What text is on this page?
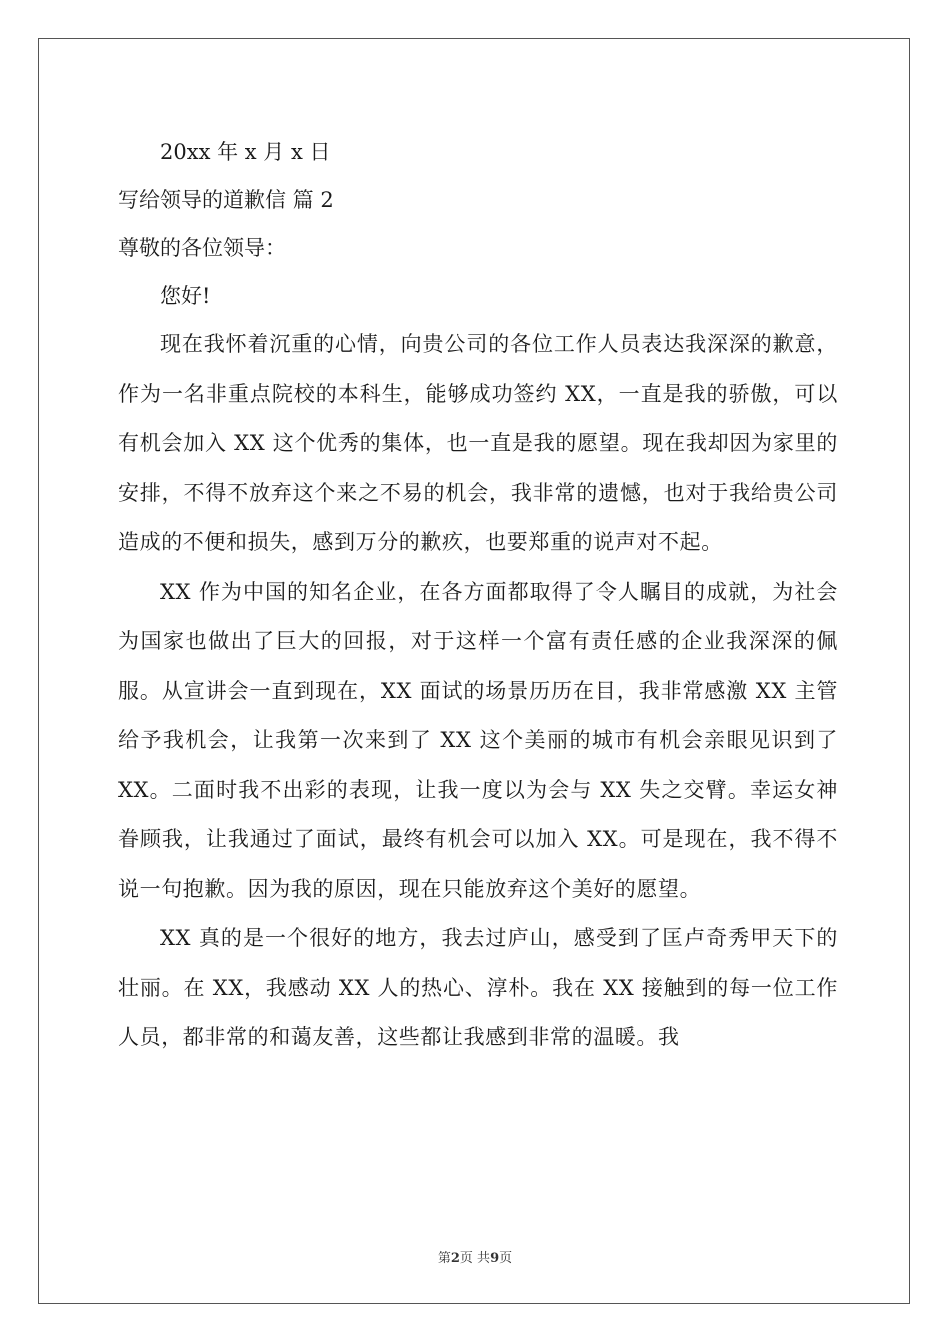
20xx 年 x 月 x 日

写给领导的道歉信 篇 2

尊敬的各位领导：

您好!

现在我怀着沉重的心情，向贵公司的各位工作人员表达我深深的歉意，作为一名非重点院校的本科生，能够成功签约 XX，一直是我的骄傲，可以有机会加入 XX 这个优秀的集体，也一直是我的愿望。现在我却因为家里的安排，不得不放弃这个来之不易的机会，我非常的遗憾，也对于我给贵公司造成的不便和损失，感到万分的歉疚，也要郑重的说声对不起。

XX 作为中国的知名企业，在各方面都取得了令人瞩目的成就，为社会为国家也做出了巨大的回报，对于这样一个富有责任感的企业我深深的佩服。从宣讲会一直到现在，XX 面试的场景历历在目，我非常感激 XX 主管给予我机会，让我第一次来到了 XX 这个美丽的城市有机会亲眼见识到了 XX。二面时我不出彩的表现，让我一度以为会与 XX 失之交臂。幸运女神眷顾我，让我通过了面试，最终有机会可以加入 XX。可是现在，我不得不说一句抱歉。因为我的原因，现在只能放弃这个美好的愿望。

XX 真的是一个很好的地方，我去过庐山，感受到了匡卢奇秀甲天下的壮丽。在 XX，我感动 XX 人的热心、淳朴。我在 XX 接触到的每一位工作人员，都非常的和蔼友善，这些都让我感到非常的温暖。我

第2页 共9页
